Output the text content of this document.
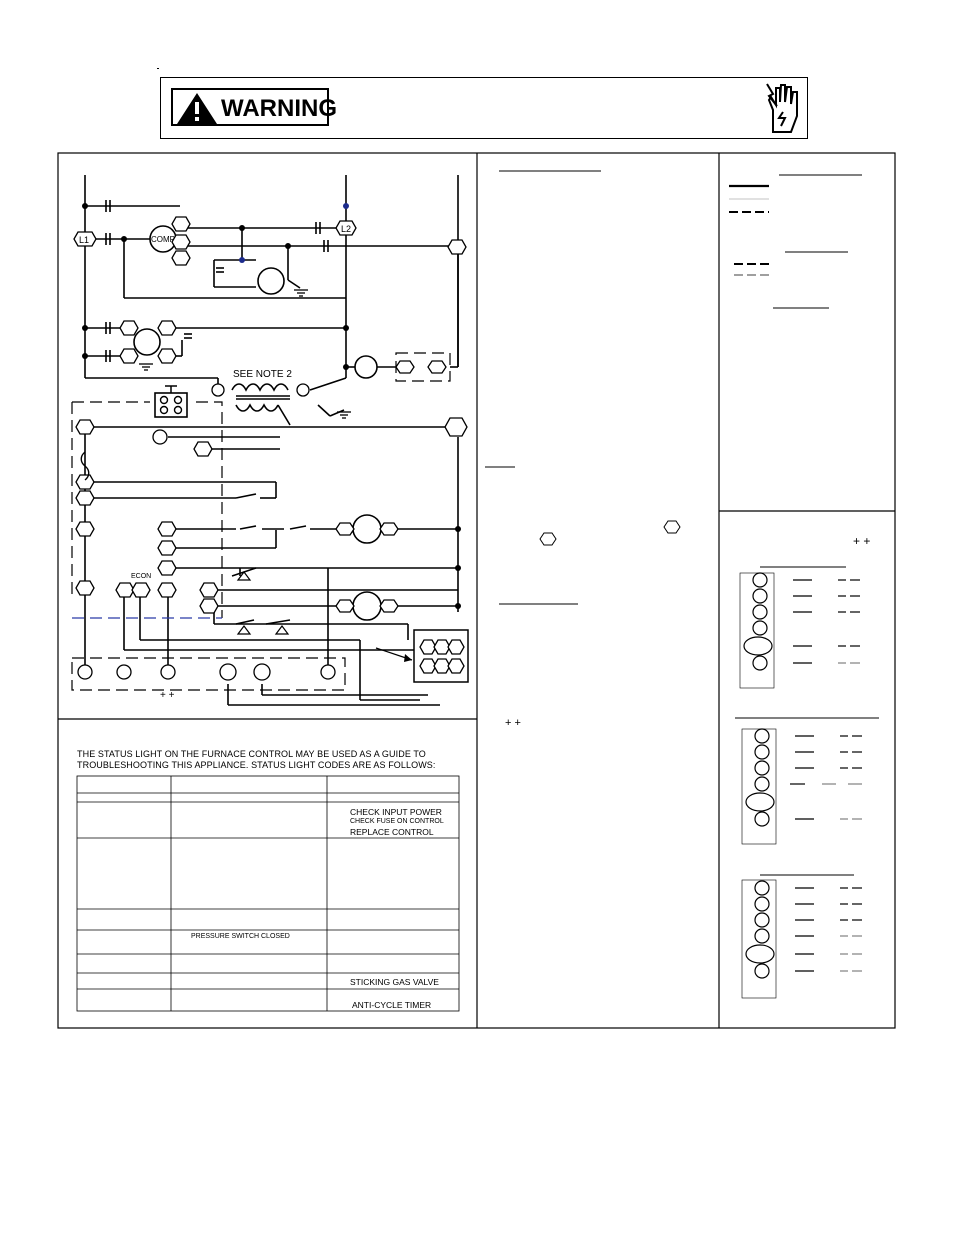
WARNING
L1
L2
COMP
SEE NOTE 2
ECON
+ +
THE STATUS LIGHT ON THE FURNACE CONTROL MAY BE USED AS A GUIDE TO TROUBLESHOOTING THIS APPLIANCE. STATUS LIGHT CODES ARE AS FOLLOWS:
CHECK INPUT POWER
CHECK FUSE ON CONTROL
REPLACE CONTROL
PRESSURE SWITCH CLOSED
STICKING GAS VALVE
ANTI-CYCLE TIMER
+ +
+ +
